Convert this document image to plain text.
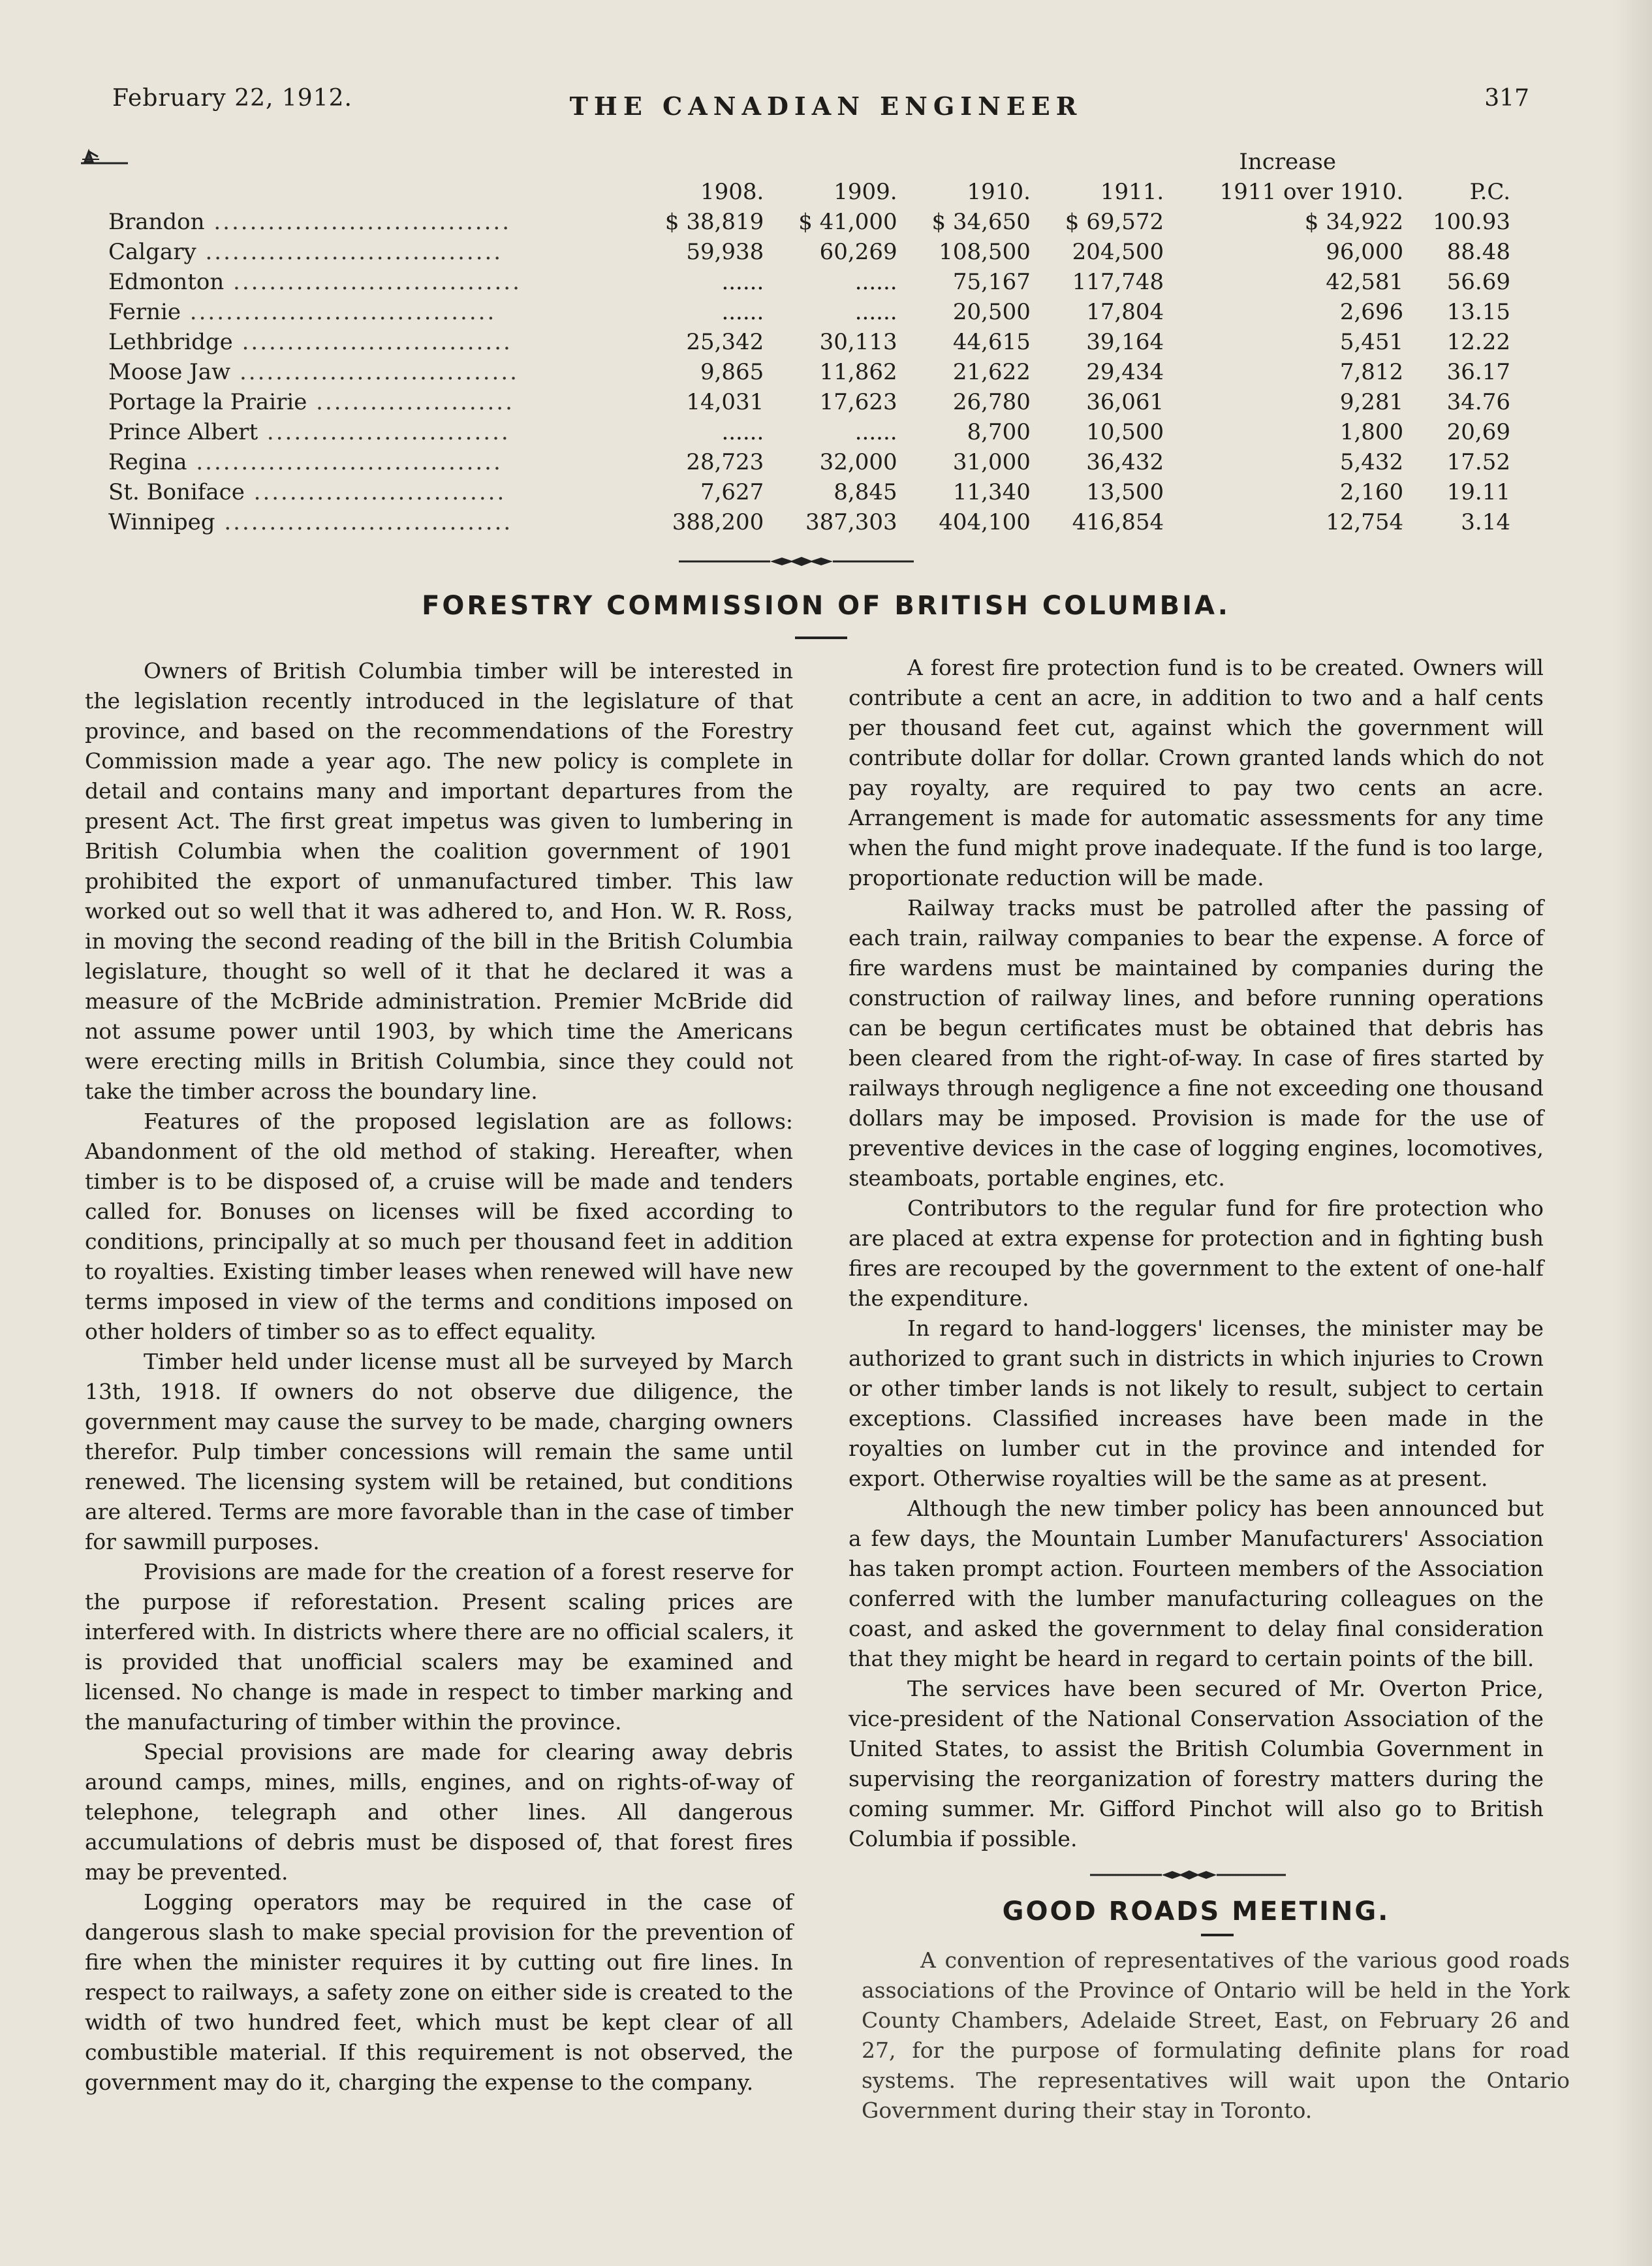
February 22, 1912.	THE CANADIAN ENGINEER	317
					Increase	
	1908.	1909.	1910.	1911.	1911 over 1910.	P.C.
Brandon .................................	$ 38,819	$ 41,000	$ 34,650	$ 69,572	$ 34,922	100.93
Calgary .................................	59,938	60,269	108,500	204,500	96,000	88.48
Edmonton ................................	......	......	75,167	117,748	42,581	56.69
Fernie ..................................	......	......	20,500	17,804	2,696	13.15
Lethbridge ..............................	25,342	30,113	44,615	39,164	5,451	12.22
Moose Jaw ...............................	9,865	11,862	21,622	29,434	7,812	36.17
Portage la Prairie ......................	14,031	17,623	26,780	36,061	9,281	34.76
Prince Albert ...........................	......	......	8,700	10,500	1,800	20,69
Regina ..................................	28,723	32,000	31,000	36,432	5,432	17.52
St. Boniface ............................	7,627	8,845	11,340	13,500	2,160	19.11
Winnipeg ................................	388,200	387,303	404,100	416,854	12,754	3.14
FORESTRY COMMISSION OF BRITISH COLUMBIA.

Owners of British Columbia timber will be interested in the legislation recently introduced in the legislature of that province, and based on the recommendations of the Forestry Commission made a year ago. The new policy is complete in detail and contains many and important departures from the present Act. The first great impetus was given to lumbering in British Columbia when the coalition government of 1901 prohibited the export of unmanufactured timber. This law worked out so well that it was adhered to, and Hon. W. R. Ross, in moving the second reading of the bill in the British Columbia legislature, thought so well of it that he declared it was a measure of the McBride administration. Premier McBride did not assume power until 1903, by which time the Americans were erecting mills in British Columbia, since they could not take the timber across the boundary line.

Features of the proposed legislation are as follows: Abandonment of the old method of staking. Hereafter, when timber is to be disposed of, a cruise will be made and tenders called for. Bonuses on licenses will be fixed according to conditions, principally at so much per thousand feet in addition to royalties. Existing timber leases when renewed will have new terms imposed in view of the terms and conditions imposed on other holders of timber so as to effect equality.

Timber held under license must all be surveyed by March 13th, 1918. If owners do not observe due diligence, the government may cause the survey to be made, charging owners therefor. Pulp timber concessions will remain the same until renewed. The licensing system will be retained, but conditions are altered. Terms are more favorable than in the case of timber for sawmill purposes.

Provisions are made for the creation of a forest reserve for the purpose if reforestation. Present scaling prices are interfered with. In districts where there are no official scalers, it is provided that unofficial scalers may be examined and licensed. No change is made in respect to timber marking and the manufacturing of timber within the province.

Special provisions are made for clearing away debris around camps, mines, mills, engines, and on rights-of-way of telephone, telegraph and other lines. All dangerous accumulations of debris must be disposed of, that forest fires may be prevented.

Logging operators may be required in the case of dangerous slash to make special provision for the prevention of fire when the minister requires it by cutting out fire lines. In respect to railways, a safety zone on either side is created to the width of two hundred feet, which must be kept clear of all combustible material. If this requirement is not observed, the government may do it, charging the expense to the company.

A forest fire protection fund is to be created. Owners will contribute a cent an acre, in addition to two and a half cents per thousand feet cut, against which the government will contribute dollar for dollar. Crown granted lands which do not pay royalty, are required to pay two cents an acre. Arrangement is made for automatic assessments for any time when the fund might prove inadequate. If the fund is too large, proportionate reduction will be made.

Railway tracks must be patrolled after the passing of each train, railway companies to bear the expense. A force of fire wardens must be maintained by companies during the construction of railway lines, and before running operations can be begun certificates must be obtained that debris has been cleared from the right-of-way. In case of fires started by railways through negligence a fine not exceeding one thousand dollars may be imposed. Provision is made for the use of preventive devices in the case of logging engines, locomotives, steamboats, portable engines, etc.

Contributors to the regular fund for fire protection who are placed at extra expense for protection and in fighting bush fires are recouped by the government to the extent of one-half the expenditure.

In regard to hand-loggers' licenses, the minister may be authorized to grant such in districts in which injuries to Crown or other timber lands is not likely to result, subject to certain exceptions. Classified increases have been made in the royalties on lumber cut in the province and intended for export. Otherwise royalties will be the same as at present.

Although the new timber policy has been announced but a few days, the Mountain Lumber Manufacturers' Association has taken prompt action. Fourteen members of the Association conferred with the lumber manufacturing colleagues on the coast, and asked the government to delay final consideration that they might be heard in regard to certain points of the bill.

The services have been secured of Mr. Overton Price, vice-president of the National Conservation Association of the United States, to assist the British Columbia Government in supervising the reorganization of forestry matters during the coming summer. Mr. Gifford Pinchot will also go to British Columbia if possible.

GOOD ROADS MEETING.

A convention of representatives of the various good roads associations of the Province of Ontario will be held in the York County Chambers, Adelaide Street, East, on February 26 and 27, for the purpose of formulating definite plans for road systems. The representatives will wait upon the Ontario Government during their stay in Toronto.
